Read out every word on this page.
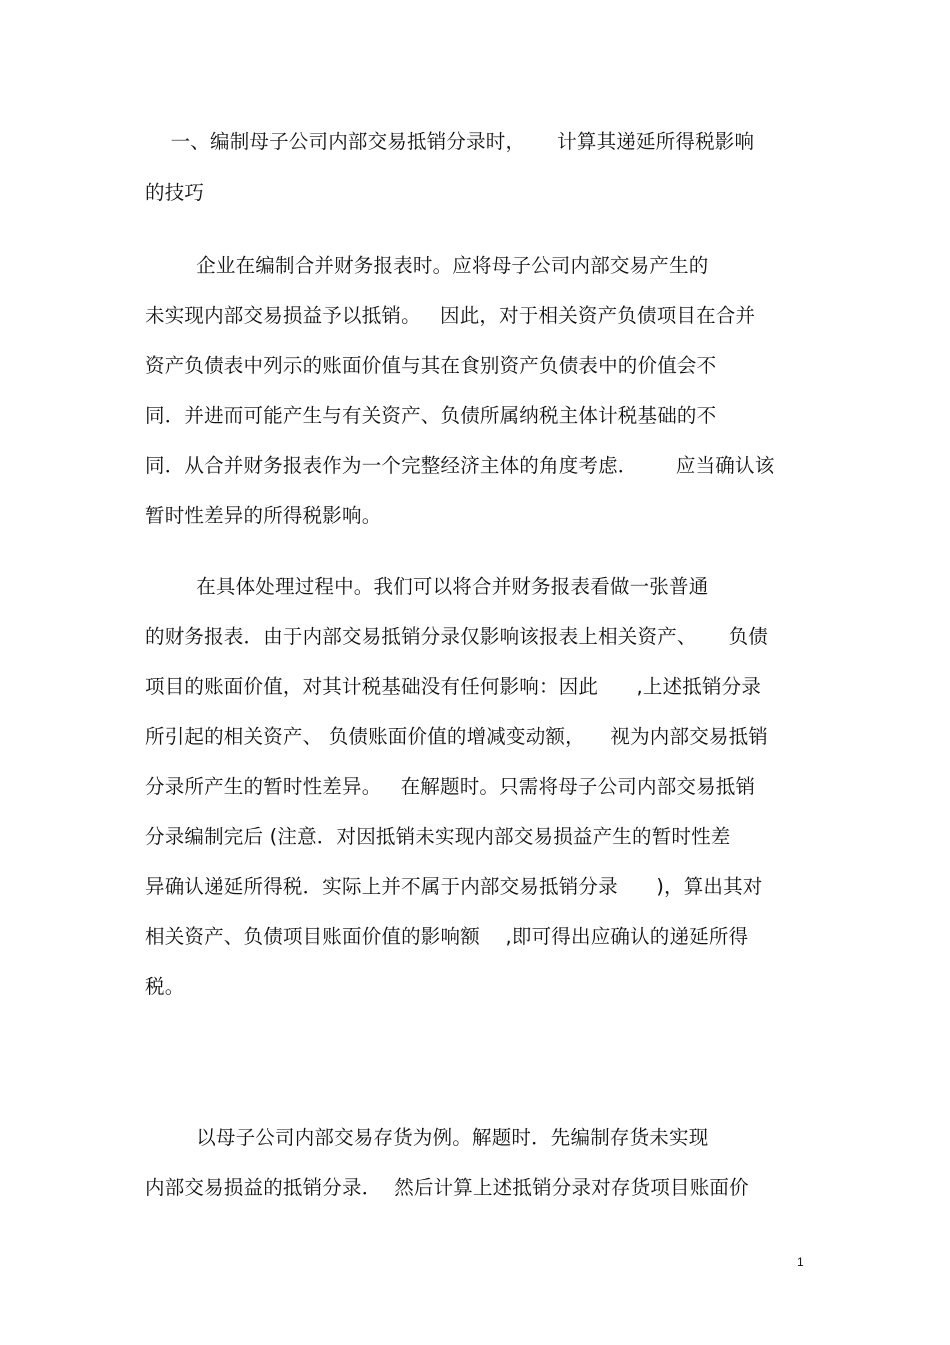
一、编制母子公司内部交易抵销分录时，     计算其递延所得税影响
的技巧
企业在编制合并财务报表时。应将母子公司内部交易产生的
未实现内部交易损益予以抵销。   因此，对于相关资产负债项目在合并
资产负债表中列示的账面价值与其在食别资产负债表中的价值会不
同．并进而可能产生与有关资产、负债所属纳税主体计税基础的不
同．从合并财务报表作为一个完整经济主体的角度考虑．      应当确认该
暂时性差异的所得税影响。
在具体处理过程中。我们可以将合并财务报表看做一张普通
的财务报表．由于内部交易抵销分录仅影响该报表上相关资产、     负债
项目的账面价值，对其计税基础没有任何影响：因此      ,上述抵销分录
所引起的相关资产、 负债账面价值的增减变动额，    视为内部交易抵销
分录所产生的暂时性差异。   在解题时。只需将母子公司内部交易抵销
分录编制完后 (注意．对因抵销未实现内部交易损益产生的暂时性差
异确认递延所得税．实际上并不属于内部交易抵销分录      )，算出其对
相关资产、负债项目账面价值的影响额    ,即可得出应确认的递延所得
税。
以母子公司内部交易存货为例。解题时．先编制存货未实现
内部交易损益的抵销分录．  然后计算上述抵销分录对存货项目账面价
1
